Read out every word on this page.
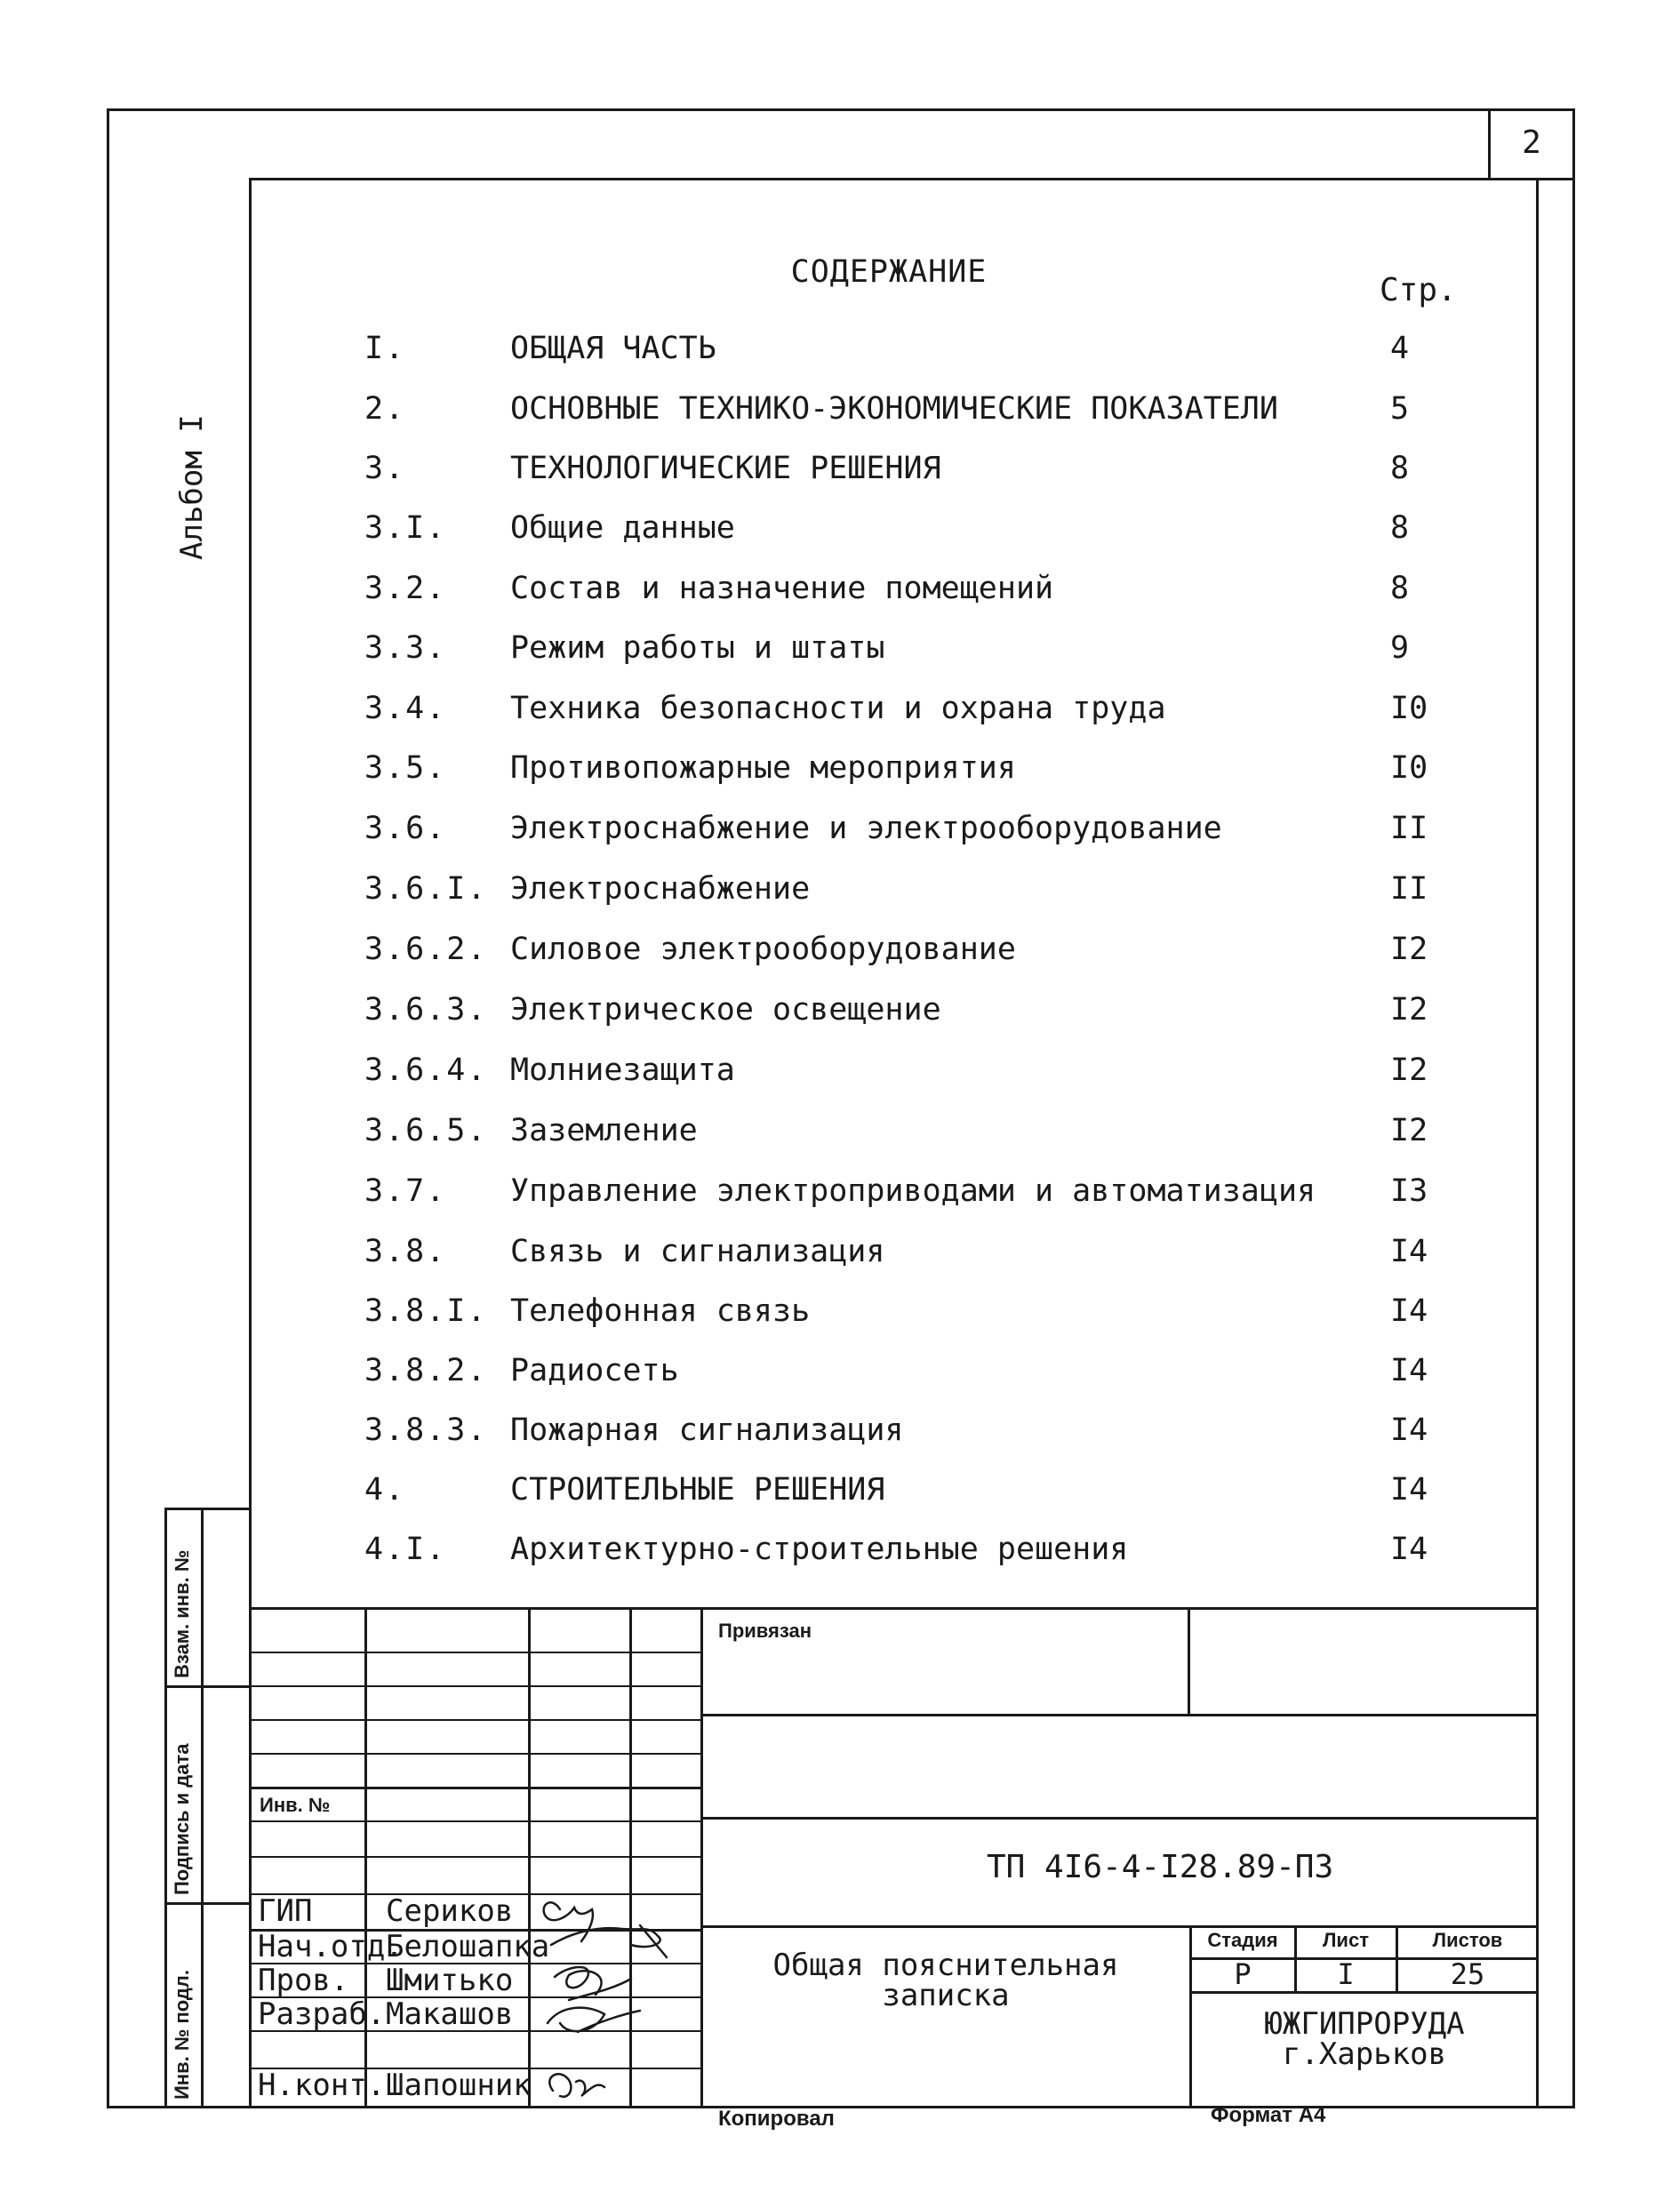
2
Альбом I
СОДЕРЖАНИЕ	Стр.
I.	ОБЩАЯ ЧАСТЬ	4
2.	ОСНОВНЫЕ ТЕХНИКО-ЭКОНОМИЧЕСКИЕ ПОКАЗАТЕЛИ	5
3.	ТЕХНОЛОГИЧЕСКИЕ РЕШЕНИЯ	8
3.I. Общие данные	8
3.2. Состав и назначение помещений	8
3.3. Режим работы и штаты	9
3.4. Техника безопасности и охрана труда	I0
3.5. Противопожарные мероприятия	I0
3.6. Электроснабжение и электрооборудование	II
3.6.I. Электроснабжение	II
3.6.2. Силовое электрооборудование	I2
3.6.3. Электрическое освещение	I2
3.6.4. Молниезащита	I2
3.6.5. Заземление	I2
3.7. Управление электроприводами и автоматизация I3
3.8. Связь и сигнализация	I4
3.8.I. Телефонная связь	I4
3.8.2. Радиосеть	I4
3.8.3. Пожарная сигнализация	I4
4.	СТРОИТЕЛЬНЫЕ РЕШЕНИЯ	I4
4.I. Архитектурно-строительные решения	I4
Взам. инв. №
Подпись и дата
Инв. № подл.
Привязан
Инв. №
ТП 4I6-4-I28.89-ПЗ
Общая пояснительная
записка
Стадия	Лист	Листов
Р	I	25
ЮЖГИПРОРУДА
г.Харьков
ГИП Сериков
Нач.отд.
Белошапка
Пров. Шмитько
Разраб. Макашов
Н.конт. Шапошник
Копировал	Формат А4
